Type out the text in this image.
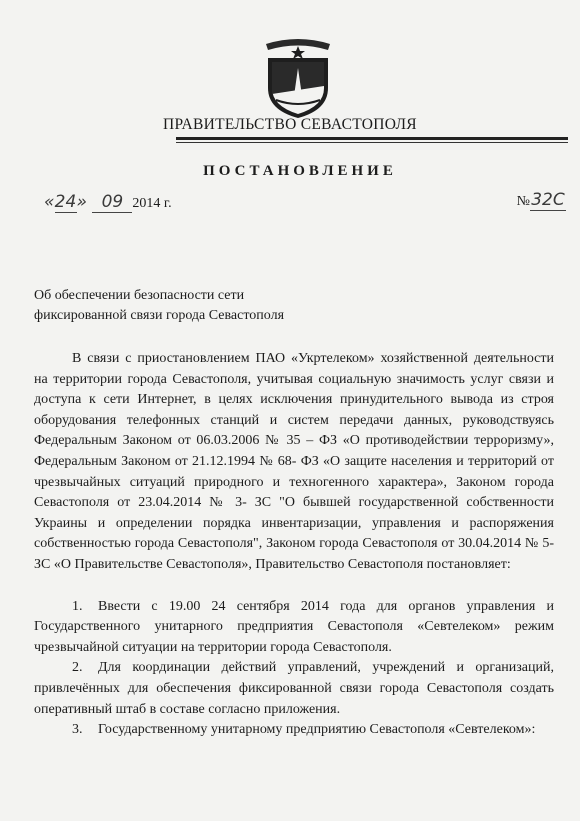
ПРАВИТЕЛЬСТВО СЕВАСТОПОЛЯ
ПОСТАНОВЛЕНИЕ
«24» 09 2014 г.	№32С
Об обеспечении безопасности сети
фиксированной связи города Севастополя

В связи с приостановлением ПАО «Укртелеком» хозяйственной деятельности на территории города Севастополя, учитывая социальную значимость услуг связи и доступа к сети Интернет, в целях исключения принудительного вывода из строя оборудования телефонных станций и систем передачи данных, руководствуясь Федеральным Законом от 06.03.2006 № 35 – ФЗ «О противодействии терроризму», Федеральным Законом от 21.12.1994 № 68- ФЗ «О защите населения и территорий от чрезвычайных ситуаций природного и техногенного характера», Законом города Севастополя от 23.04.2014 № 3- ЗС "О бывшей государственной собственности Украины и определении порядка инвентаризации, управления и распоряжения собственностью города Севастополя", Законом города Севастополя от 30.04.2014 № 5- ЗС «О Правительстве Севастополя», Правительство Севастополя постановляет:

1. Ввести с 19.00 24 сентября 2014 года для органов управления и Государственного унитарного предприятия Севастополя «Севтелеком» режим чрезвычайной ситуации на территории города Севастополя.

2. Для координации действий управлений, учреждений и организаций, привлечённых для обеспечения фиксированной связи города Севастополя создать оперативный штаб в составе согласно приложения.

3. Государственному унитарному предприятию Севастополя «Севтелеком»:
